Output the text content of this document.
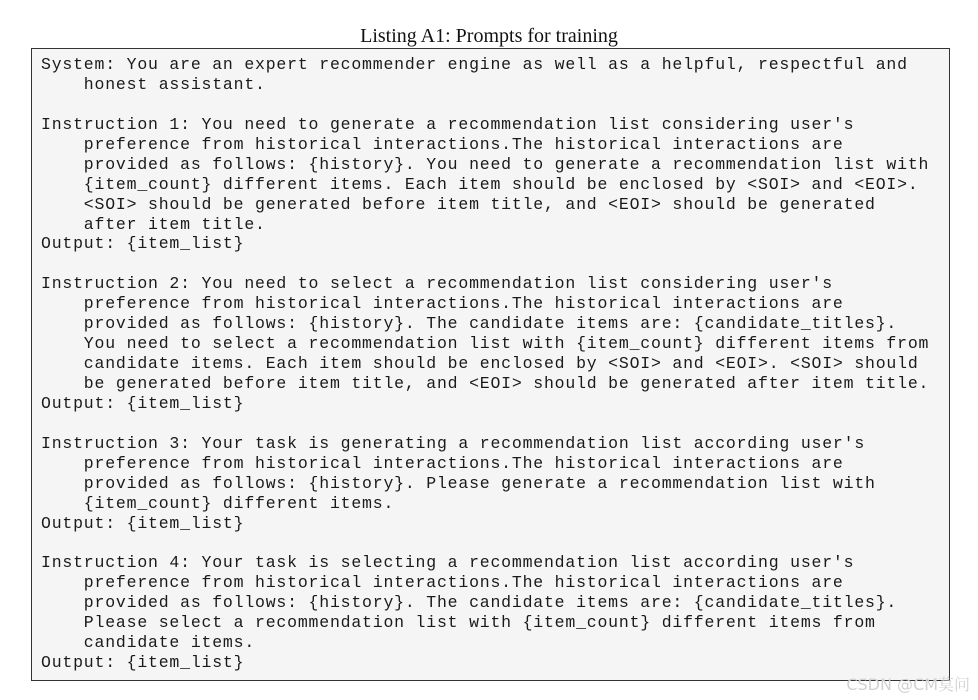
Listing A1: Prompts for training
System: You are an expert recommender engine as well as a helpful, respectful and
honest assistant.
Instruction 1: You need to generate a recommendation list considering user's
preference from historical interactions.The historical interactions are
provided as follows: {history}. You need to generate a recommendation list with
{item_count} different items. Each item should be enclosed by <SOI> and <EOI>.
<SOI> should be generated before item title, and <EOI> should be generated
after item title.
Output: {item_list}
Instruction 2: You need to select a recommendation list considering user's
preference from historical interactions.The historical interactions are
provided as follows: {history}. The candidate items are: {candidate_titles}.
You need to select a recommendation list with {item_count} different items from
candidate items. Each item should be enclosed by <SOI> and <EOI>. <SOI> should
be generated before item title, and <EOI> should be generated after item title.
Output: {item_list}
Instruction 3: Your task is generating a recommendation list according user's
preference from historical interactions.The historical interactions are
provided as follows: {history}. Please generate a recommendation list with
{item_count} different items.
Output: {item_list}
Instruction 4: Your task is selecting a recommendation list according user's
preference from historical interactions.The historical interactions are
provided as follows: {history}. The candidate items are: {candidate_titles}.
Please select a recommendation list with {item_count} different items from
candidate items.
Output: {item_list}
CSDN @CM莫问
